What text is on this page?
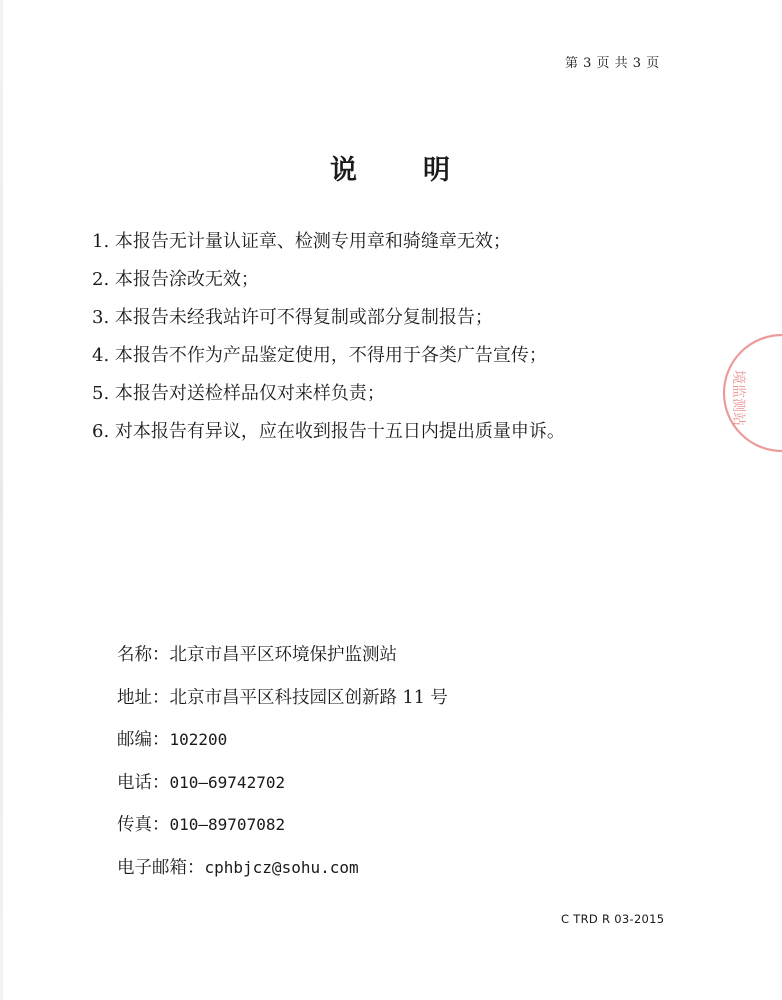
第 3 页 共 3 页
说 明
1. 本报告无计量认证章、检测专用章和骑缝章无效；
2. 本报告涂改无效；
3. 本报告未经我站许可不得复制或部分复制报告；
4. 本报告不作为产品鉴定使用，不得用于各类广告宣传；
5. 本报告对送检样品仅对来样负责；
6. 对本报告有异议，应在收到报告十五日内提出质量申诉。
名称：北京市昌平区环境保护监测站
地址：北京市昌平区科技园区创新路 11 号
邮编：102200
电话：010—69742702
传真：010—89707082
电子邮箱：cphbjcz@sohu.com
C TRD R 03-2015
境监测站
